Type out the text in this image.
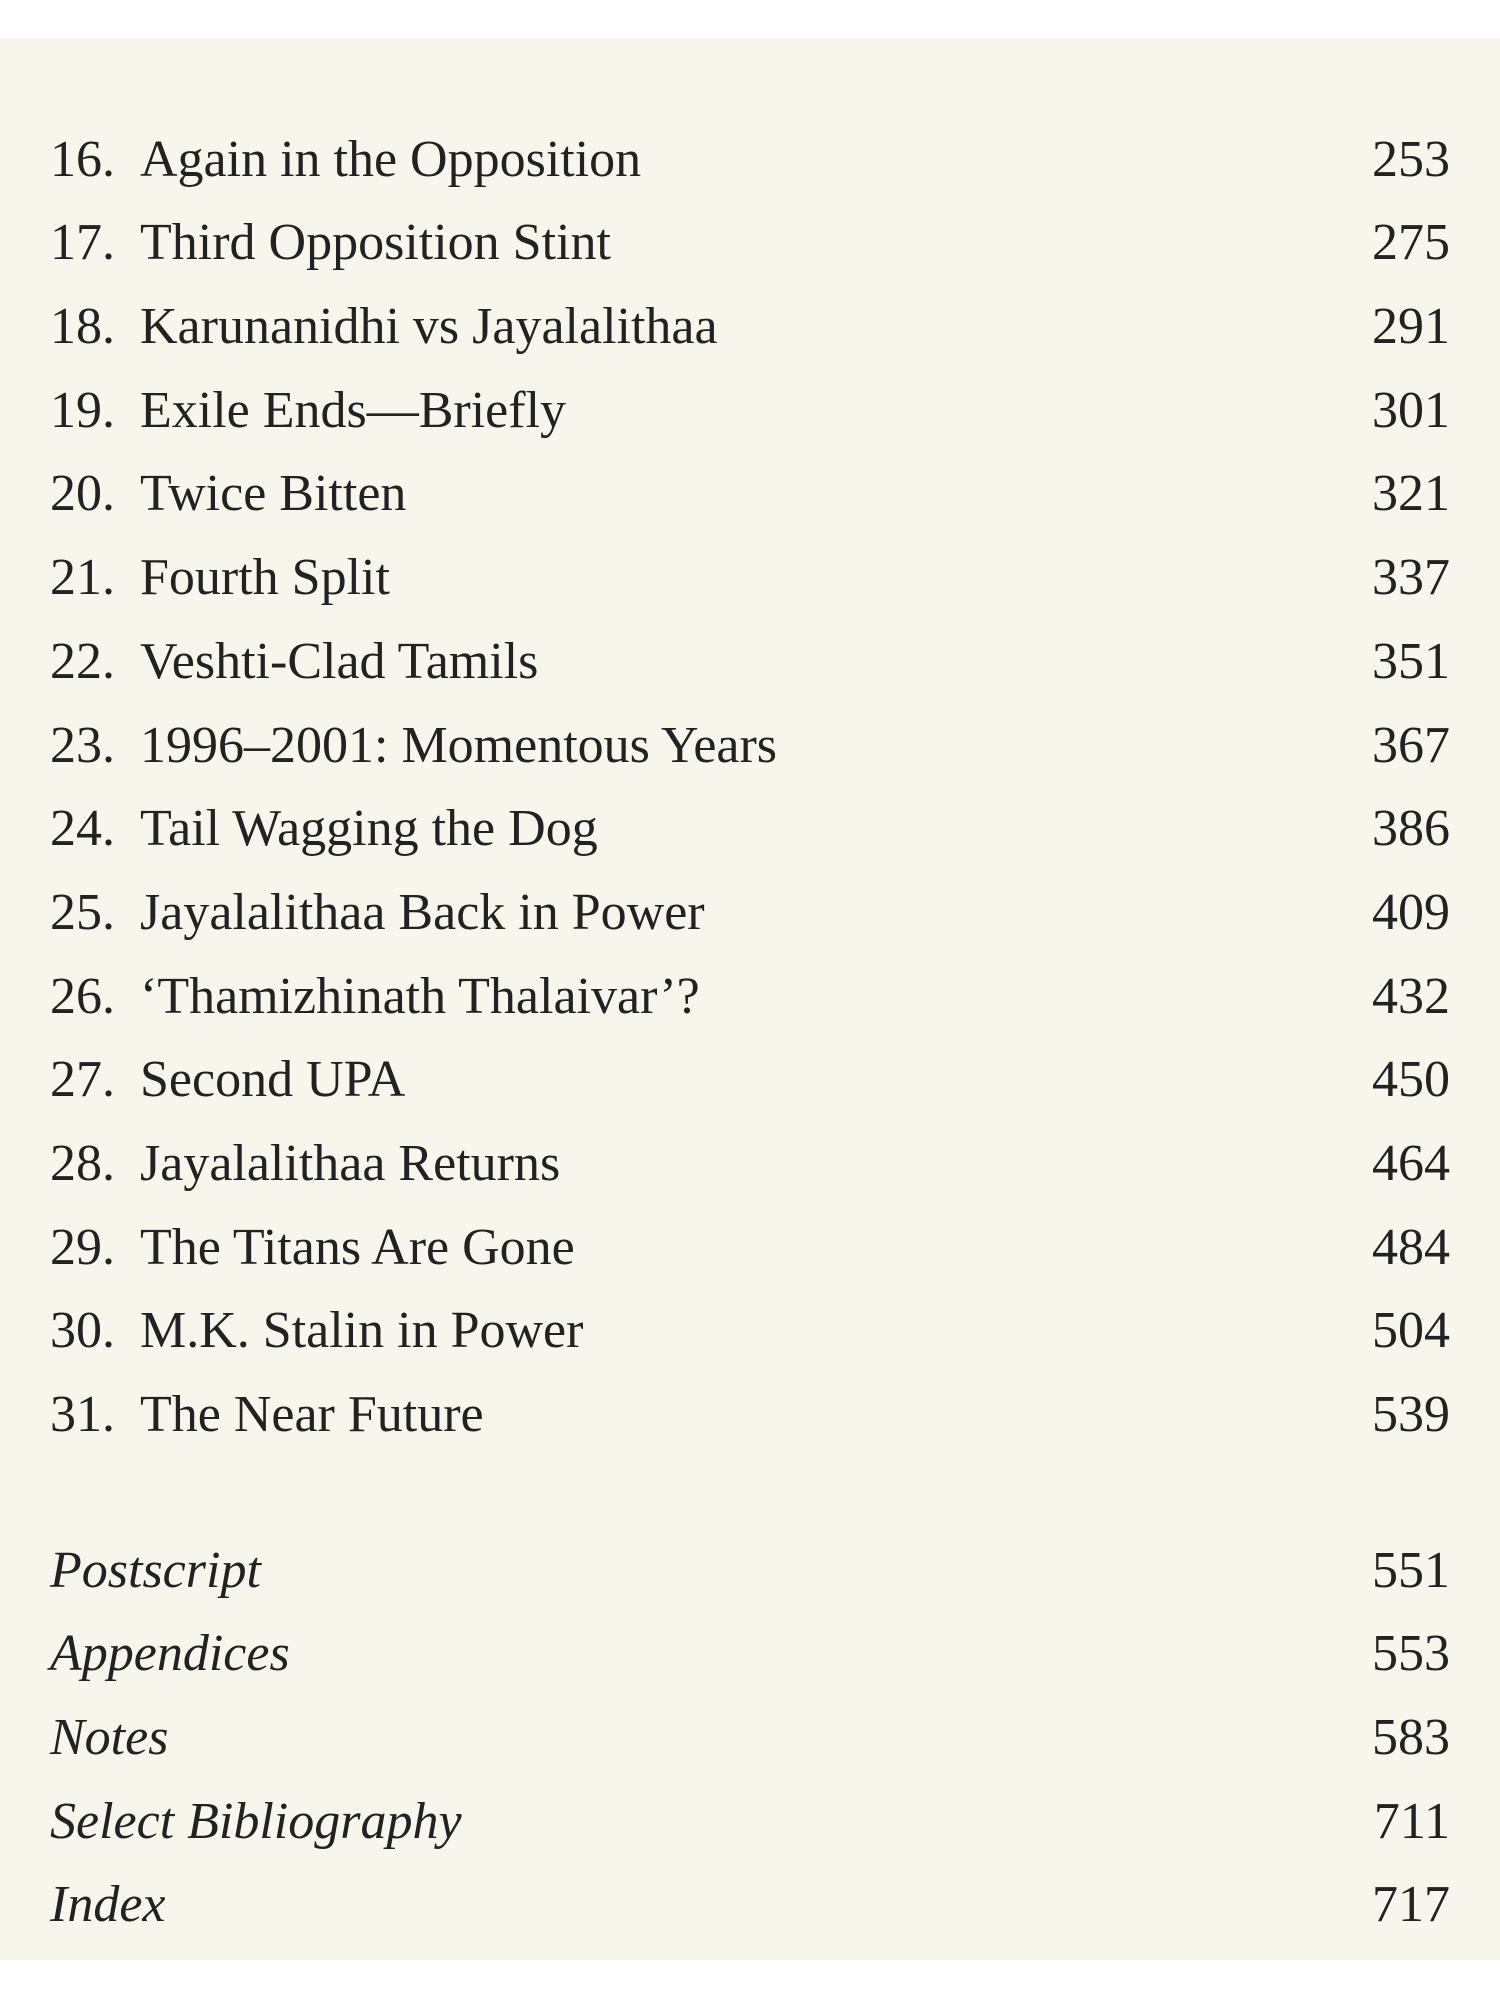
16. Again in the Opposition	253
17. Third Opposition Stint	275
18. Karunanidhi vs Jayalalithaa	291
19. Exile Ends—Briefly	301
20. Twice Bitten	321
21. Fourth Split	337
22. Veshti-Clad Tamils	351
23. 1996–2001: Momentous Years	367
24. Tail Wagging the Dog	386
25. Jayalalithaa Back in Power	409
26. ‘Thamizhinath Thalaivar’?	432
27. Second UPA	450
28. Jayalalithaa Returns	464
29. The Titans Are Gone	484
30. M.K. Stalin in Power	504
31. The Near Future	539
Postscript	551
Appendices	553
Notes	583
Select Bibliography	711
Index	717
